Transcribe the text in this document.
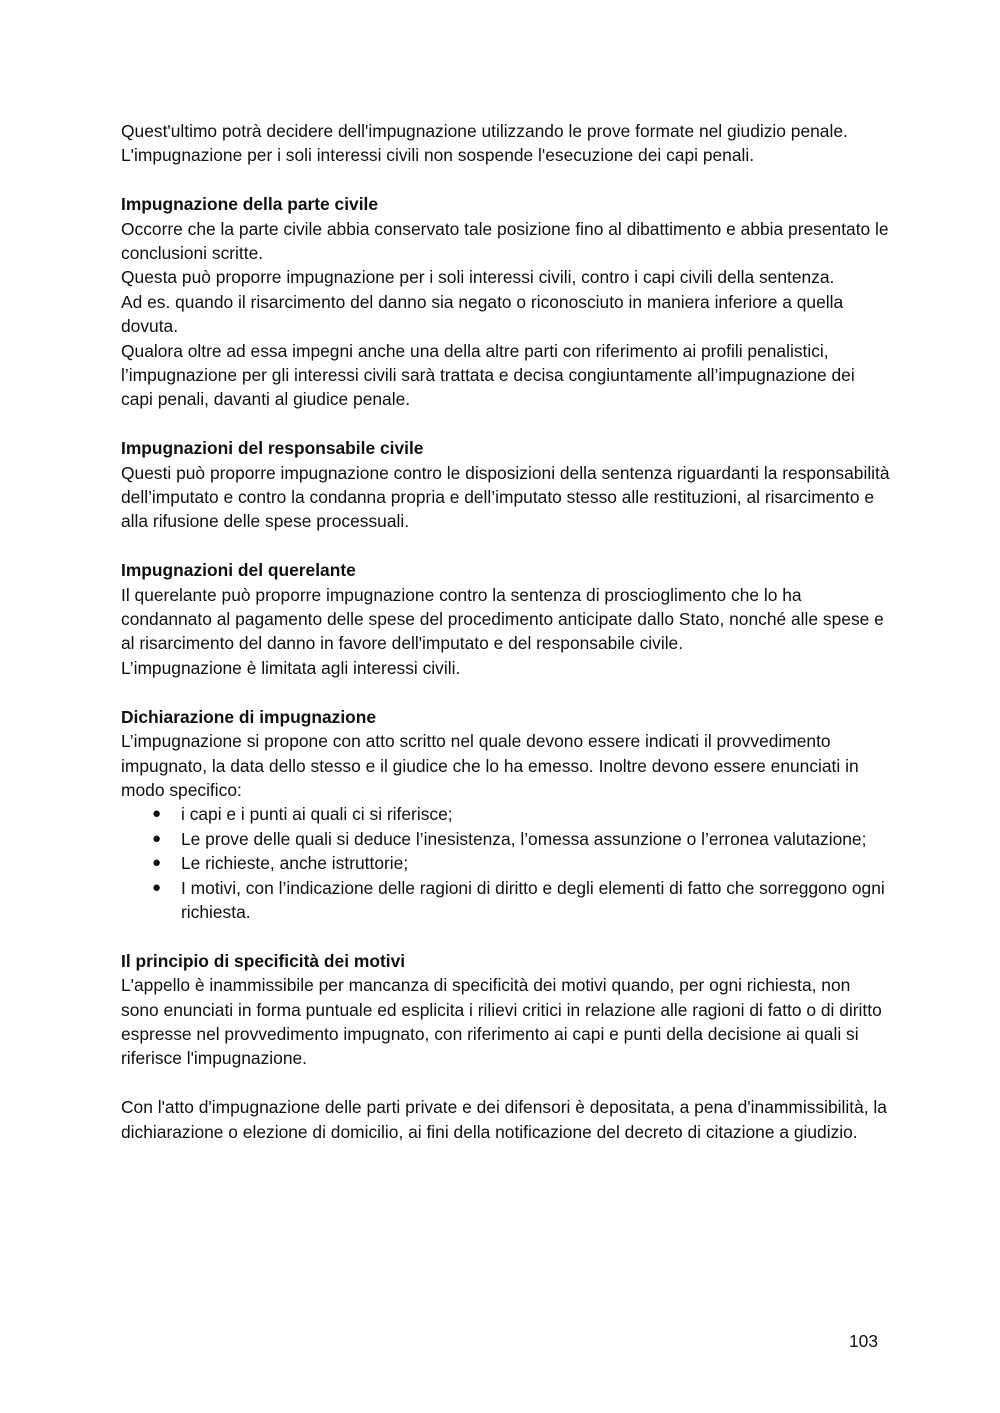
Quest'ultimo potrà decidere dell'impugnazione utilizzando le prove formate nel giudizio penale.

L'impugnazione per i soli interessi civili non sospende l'esecuzione dei capi penali.

Impugnazione della parte civile

Occorre che la parte civile abbia conservato tale posizione fino al dibattimento e abbia presentato le conclusioni scritte.

Questa può proporre impugnazione per i soli interessi civili, contro i capi civili della sentenza.

Ad es. quando il risarcimento del danno sia negato o riconosciuto in maniera inferiore a quella dovuta.

Qualora oltre ad essa impegni anche una della altre parti con riferimento ai profili penalistici, l’impugnazione per gli interessi civili sarà trattata e decisa congiuntamente all’impugnazione dei capi penali, davanti al giudice penale.

Impugnazioni del responsabile civile

Questi può proporre impugnazione contro le disposizioni della sentenza riguardanti la responsabilità dell’imputato e contro la condanna propria e dell’imputato stesso alle restituzioni, al risarcimento e alla rifusione delle spese processuali.

Impugnazioni del querelante

Il querelante può proporre impugnazione contro la sentenza di proscioglimento che lo ha condannato al pagamento delle spese del procedimento anticipate dallo Stato, nonché alle spese e al risarcimento del danno in favore dell'imputato e del responsabile civile.

L’impugnazione è limitata agli interessi civili.

Dichiarazione di impugnazione

L’impugnazione si propone con atto scritto nel quale devono essere indicati il provvedimento impugnato, la data dello stesso e il giudice che lo ha emesso. Inoltre devono essere enunciati in modo specifico:

● i capi e i punti ai quali ci si riferisce;
● Le prove delle quali si deduce l’inesistenza, l’omessa assunzione o l’erronea valutazione;
● Le richieste, anche istruttorie;
● I motivi, con l’indicazione delle ragioni di diritto e degli elementi di fatto che sorreggono ogni richiesta.

Il principio di specificità dei motivi

L'appello è inammissibile per mancanza di specificità dei motivi quando, per ogni richiesta, non sono enunciati in forma puntuale ed esplicita i rilievi critici in relazione alle ragioni di fatto o di diritto espresse nel provvedimento impugnato, con riferimento ai capi e punti della decisione ai quali si riferisce l'impugnazione.

Con l'atto d'impugnazione delle parti private e dei difensori è depositata, a pena d'inammissibilità, la dichiarazione o elezione di domicilio, ai fini della notificazione del decreto di citazione a giudizio.

103
